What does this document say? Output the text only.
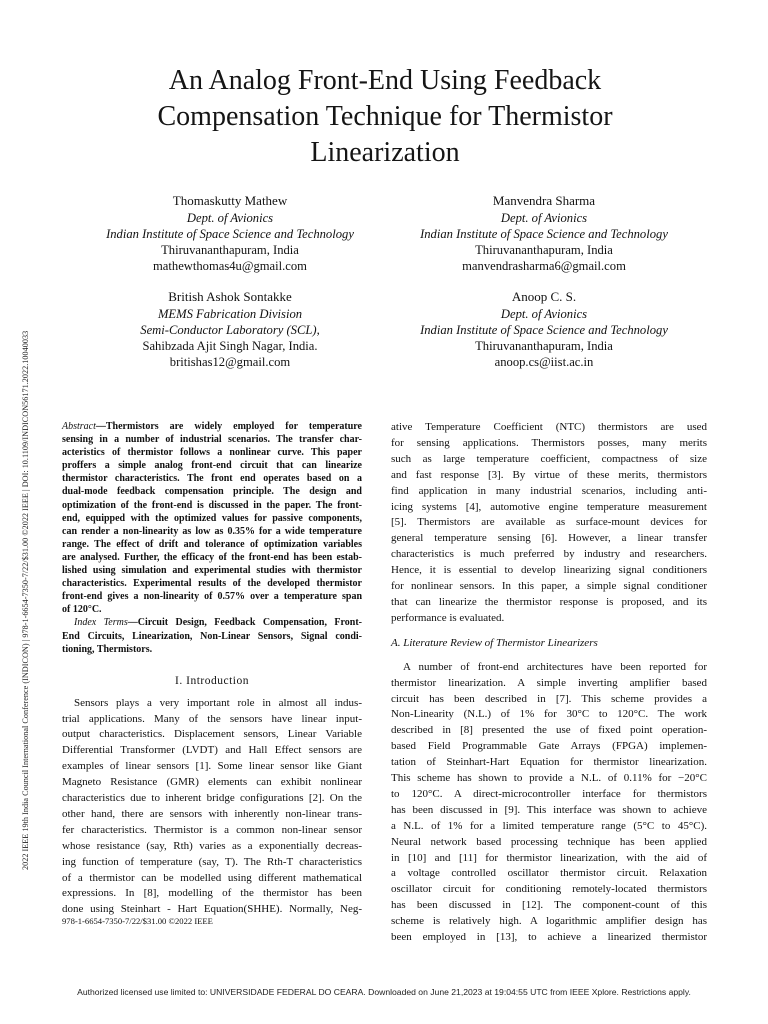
An Analog Front-End Using Feedback
Compensation Technique for Thermistor
Linearization
Thomaskutty Mathew
Dept. of Avionics
Indian Institute of Space Science and Technology
Thiruvananthapuram, India
mathewthomas4u@gmail.com
Manvendra Sharma
Dept. of Avionics
Indian Institute of Space Science and Technology
Thiruvananthapuram, India
manvendrasharma6@gmail.com
British Ashok Sontakke
MEMS Fabrication Division
Semi-Conductor Laboratory (SCL),
Sahibzada Ajit Singh Nagar, India.
britishas12@gmail.com
Anoop C. S.
Dept. of Avionics
Indian Institute of Space Science and Technology
Thiruvananthapuram, India
anoop.cs@iist.ac.in
2022 IEEE 19th India Council International Conference (INDICON) | 978-1-6654-7350-7/22/$31.00 ©2022 IEEE | DOI: 10.1109/INDICON56171.2022.10040033	Abstract—Thermistors are widely employed for temperature
sensing in a number of industrial scenarios. The transfer char-
acteristics of thermistor follows a nonlinear curve. This paper
proffers a simple analog front-end circuit that can linearize
thermistor characteristics. The front end operates based on a
dual-mode feedback compensation principle. The design and
optimization of the front-end is discussed in the paper. The front-
end, equipped with the optimized values for passive components,
can render a non-linearity as low as 0.35% for a wide temperature
range. The effect of drift and tolerance of optimization variables
are analysed. Further, the efficacy of the front-end has been estab-
lished using simulation and experimental studies with thermistor
characteristics. Experimental results of the developed thermistor
front-end gives a non-linearity of 0.57% over a temperature span
of 120°C.
Index Terms—Circuit Design, Feedback Compensation, Front-
End Circuits, Linearization, Non-Linear Sensors, Signal condi-
tioning, Thermistors.
I. Introduction
Sensors plays a very important role in almost all indus-
trial applications. Many of the sensors have linear input-
output characteristics. Displacement sensors, Linear Variable
Differential Transformer (LVDT) and Hall Effect sensors are
examples of linear sensors [1]. Some linear sensor like Giant
Magneto Resistance (GMR) elements can exhibit nonlinear
characteristics due to inherent bridge configurations [2]. On the
other hand, there are sensors with inherently non-linear trans-
fer characteristics. Thermistor is a common non-linear sensor
whose resistance (say, Rth) varies as a exponentially decreas-
ing function of temperature (say, T). The Rth-T characteristics
of a thermistor can be modelled using different mathematical
expressions. In [8], modelling of the thermistor has been
done using Steinhart - Hart Equation(SHHE). Normally, Neg-
978-1-6654-7350-7/22/$31.00 ©2022 IEEE
ative Temperature Coefficient (NTC) thermistors are used
for sensing applications. Thermistors posses, many merits
such as large temperature coefficient, compactness of size
and fast response [3]. By virtue of these merits, thermistors
find application in many industrial scenarios, including anti-
icing systems [4], automotive engine temperature measurement
[5]. Thermistors are available as surface-mount devices for
general temperature sensing [6]. However, a linear transfer
characteristics is much preferred by industry and researchers.
Hence, it is essential to develop linearizing signal conditioners
for nonlinear sensors. In this paper, a simple signal conditioner
that can linearize the thermistor response is proposed, and its
performance is evaluated.
A. Literature Review of Thermistor Linearizers
A number of front-end architectures have been reported for
thermistor linearization. A simple inverting amplifier based
circuit has been described in [7]. This scheme provides a
Non-Linearity (N.L.) of 1% for 30°C to 120°C. The work
described in [8] presented the use of fixed point operation-
based Field Programmable Gate Arrays (FPGA) implemen-
tation of Steinhart-Hart Equation for thermistor linearization.
This scheme has shown to provide a N.L. of 0.11% for −20°C
to 120°C. A direct-microcontroller interface for thermistors
has been discussed in [9]. This interface was shown to achieve
a N.L. of 1% for a limited temperature range (5°C to 45°C).
Neural network based processing technique has been applied
in [10] and [11] for thermistor linearization, with the aid of
a voltage controlled oscillator thermistor circuit. Relaxation
oscillator circuit for conditioning remotely-located thermistors
has been discussed in [12]. The component-count of this
scheme is relatively high. A logarithmic amplifier design has
been employed in [13], to achieve a linearized thermistor
Authorized licensed use limited to: UNIVERSIDADE FEDERAL DO CEARA. Downloaded on June 21,2023 at 19:04:55 UTC from IEEE Xplore. Restrictions apply.
